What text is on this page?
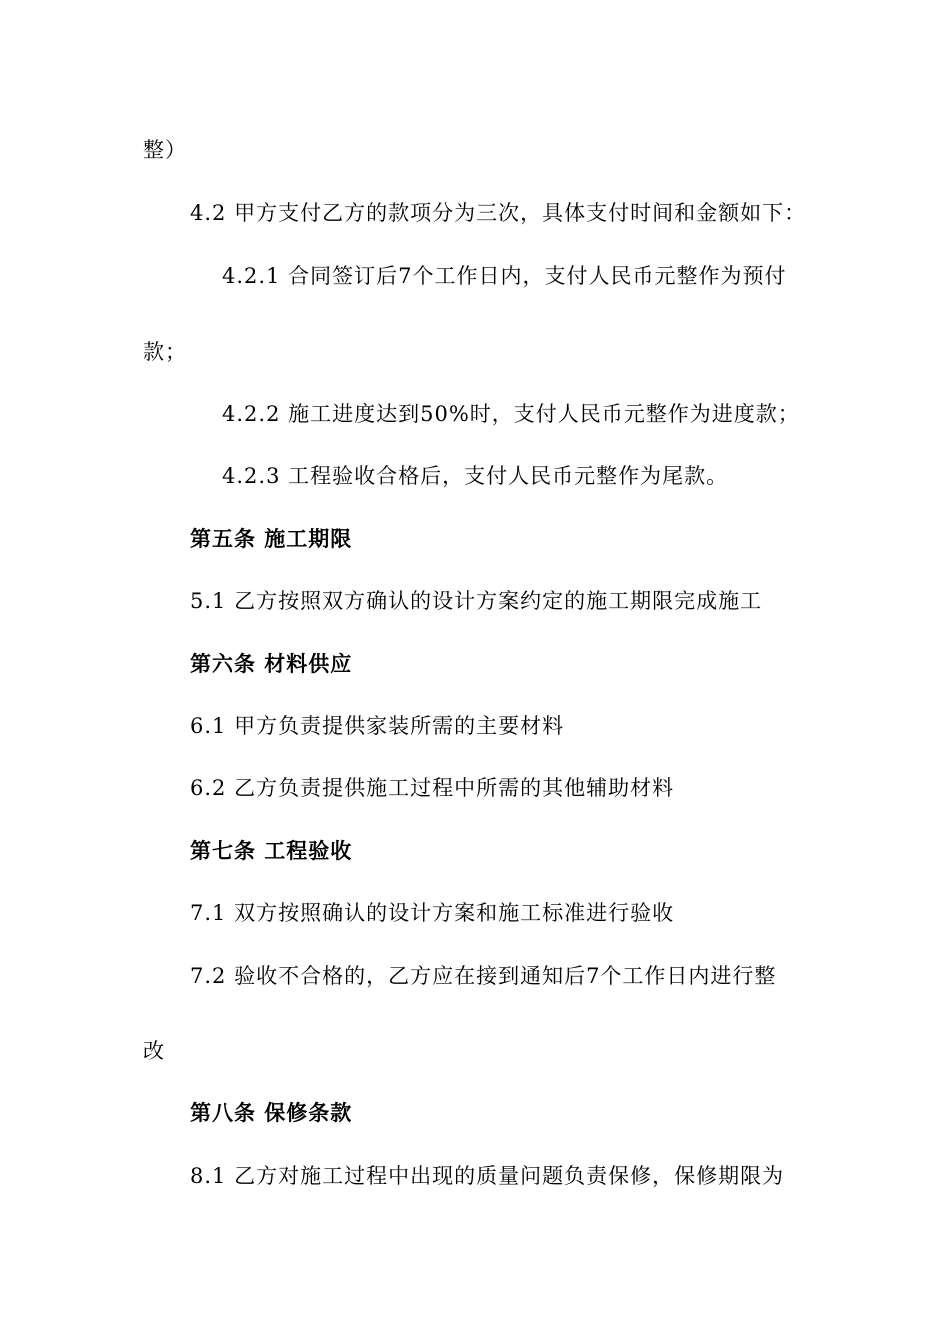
整）
4.2 甲方支付乙方的款项分为三次，具体支付时间和金额如下：
4.2.1 合同签订后7个工作日内，支付人民币元整作为预付
款；
4.2.2 施工进度达到50%时，支付人民币元整作为进度款；
4.2.3 工程验收合格后，支付人民币元整作为尾款。
第五条 施工期限
5.1 乙方按照双方确认的设计方案约定的施工期限完成施工
第六条 材料供应
6.1 甲方负责提供家装所需的主要材料
6.2 乙方负责提供施工过程中所需的其他辅助材料
第七条 工程验收
7.1 双方按照确认的设计方案和施工标准进行验收
7.2 验收不合格的，乙方应在接到通知后7个工作日内进行整
改
第八条 保修条款
8.1 乙方对施工过程中出现的质量问题负责保修，保修期限为
